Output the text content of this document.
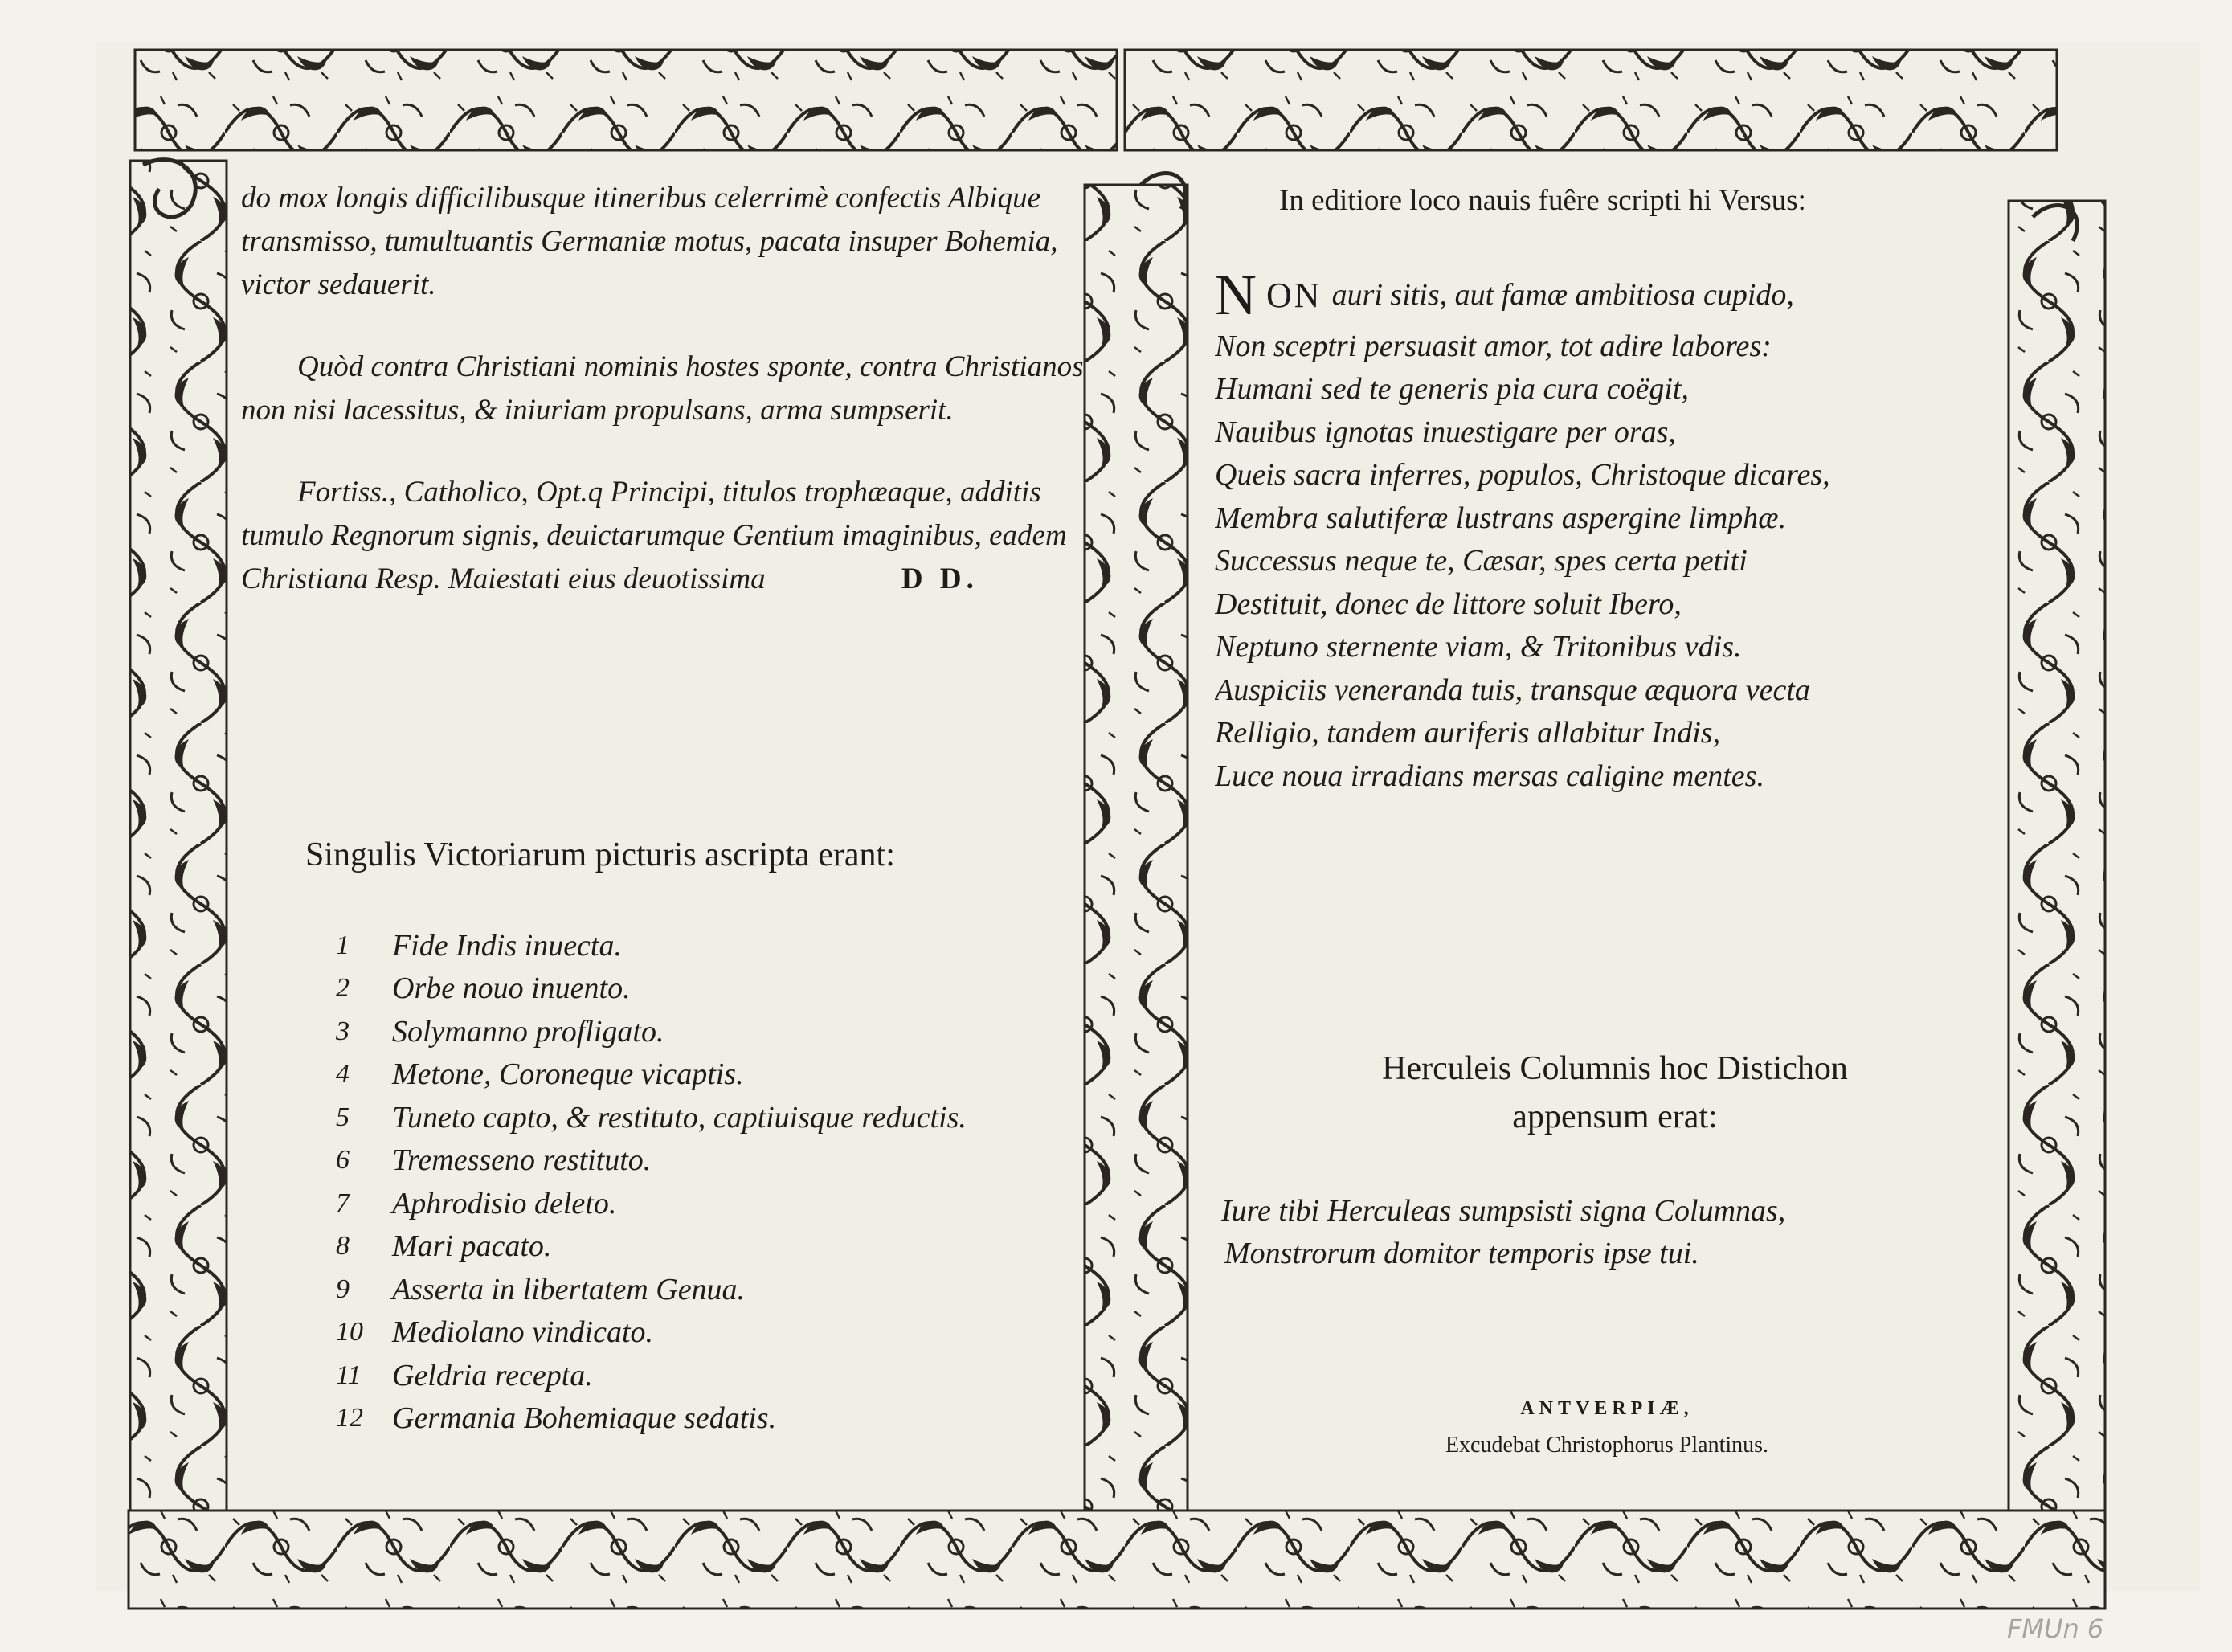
do mox longis difficilibusque itineribus celerrimè confectis Albique transmisso, tumultuantis Germaniæ motus, pacata insuper Bohemia, victor sedauerit.

Quòd contra Christiani nominis hostes sponte, contra Christianos non nisi lacessitus, & iniuriam propulsans, arma sumpserit.

Fortiss., Catholico, Opt.q Principi, titulos trophæaque, additis tumulo Regnorum signis, deuictarumque Gentium imaginibus, eadem Christiana Resp. Maiestati eius deuotissima	D D.

Singulis Victoriarum picturis ascripta erant:
1	Fide Indis inuecta.
2	Orbe nouo inuento.
3	Solymanno profligato.
4	Metone, Coroneque vicaptis.
5	Tuneto capto, & restituto, captiuisque reductis.
6	Tremesseno restituto.
7	Aphrodisio deleto.
8	Mari pacato.
9	Asserta in libertatem Genua.
10 Mediolano vindicato.
11	Geldria recepta.
12 Germania Bohemiaque sedatis.
In editiore loco nauis fuêre scripti hi Versus:
N ON auri sitis, aut famæ ambitiosa cupido,
Non sceptri persuasit amor, tot adire labores:
Humani sed te generis pia cura coëgit,
Nauibus ignotas inuestigare per oras,
Queis sacra inferres, populos, Christoque dicares,
Membra salutiferæ lustrans aspergine limphæ.
Successus neque te, Cæsar, spes certa petiti
Destituit, donec de littore soluit Ibero,
Neptuno sternente viam, & Tritonibus vdis.
Auspiciis veneranda tuis, transque æquora vecta
Relligio, tandem auriferis allabitur Indis,
Luce noua irradians mersas caligine mentes.
Herculeis Columnis hoc Distichon
appensum erat:
Iure tibi Herculeas sumpsisti signa Columnas,
Monstrorum domitor temporis ipse tui.
ANTVERPIÆ,
Excudebat Christophorus Plantinus.
FMUn 6
